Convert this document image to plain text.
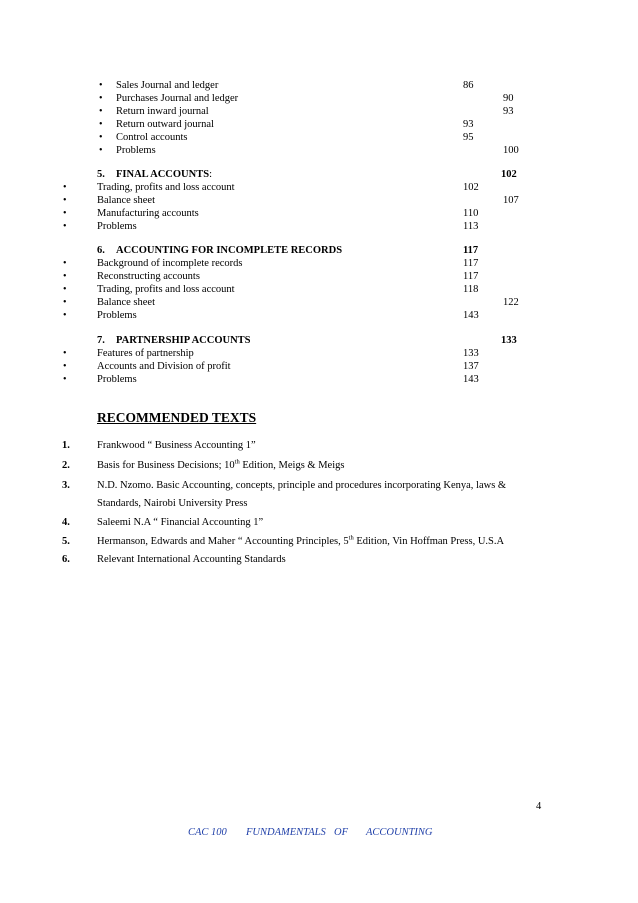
• Sales Journal and ledger	86
• Purchases Journal and ledger	90
• Return inward journal	93
• Return outward journal	93
• Control accounts	95
• Problems	100
5. FINAL ACCOUNTS:	102
•	Trading, profits and loss account	102
•	Balance sheet	107
•	Manufacturing accounts	110
•	Problems	113
6. ACCOUNTING FOR INCOMPLETE RECORDS	117
•	Background of incomplete records	117
•	Reconstructing accounts	117
•	Trading, profits and loss account	118
•	Balance sheet	122
•	Problems	143
7. PARTNERSHIP ACCOUNTS	133
•	Features of partnership	133
•	Accounts and Division of profit	137
•	Problems	143
RECOMMENDED TEXTS
1.	Frankwood “ Business Accounting 1”
2.	Basis for Business Decisions; 10th Edition, Meigs & Meigs
3.	N.D. Nzomo. Basic Accounting, concepts, principle and procedures incorporating Kenya, laws &
Standards, Nairobi University Press
4.	Saleemi N.A “ Financial Accounting 1”
5.	Hermanson, Edwards and Maher “ Accounting Principles, 5th Edition, Vin Hoffman Press, U.S.A
6.	Relevant International Accounting Standards
4
CAC 100 FUNDAMENTALS OF ACCOUNTING
